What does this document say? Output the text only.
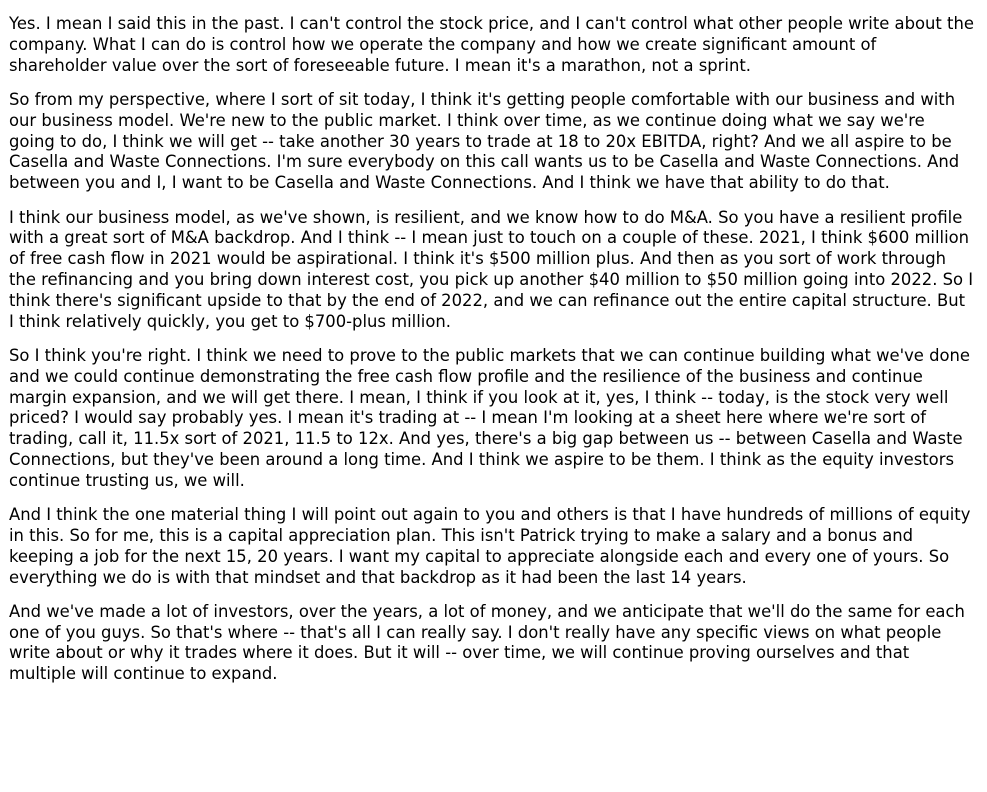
Yes. I mean I said this in the past. I can't control the stock price, and I can't control what other people write about the company. What I can do is control how we operate the company and how we create significant amount of shareholder value over the sort of foreseeable future. I mean it's a marathon, not a sprint.

So from my perspective, where I sort of sit today, I think it's getting people comfortable with our business and with our business model. We're new to the public market. I think over time, as we continue doing what we say we're going to do, I think we will get -- take another 30 years to trade at 18 to 20x EBITDA, right? And we all aspire to be Casella and Waste Connections. I'm sure everybody on this call wants us to be Casella and Waste Connections. And between you and I, I want to be Casella and Waste Connections. And I think we have that ability to do that.

I think our business model, as we've shown, is resilient, and we know how to do M&A. So you have a resilient profile with a great sort of M&A backdrop. And I think -- I mean just to touch on a couple of these. 2021, I think $600 million of free cash flow in 2021 would be aspirational. I think it's $500 million plus. And then as you sort of work through the refinancing and you bring down interest cost, you pick up another $40 million to $50 million going into 2022. So I think there's significant upside to that by the end of 2022, and we can refinance out the entire capital structure. But I think relatively quickly, you get to $700-plus million.

So I think you're right. I think we need to prove to the public markets that we can continue building what we've done and we could continue demonstrating the free cash flow profile and the resilience of the business and continue margin expansion, and we will get there. I mean, I think if you look at it, yes, I think -- today, is the stock very well priced? I would say probably yes. I mean it's trading at -- I mean I'm looking at a sheet here where we're sort of trading, call it, 11.5x sort of 2021, 11.5 to 12x. And yes, there's a big gap between us -- between Casella and Waste Connections, but they've been around a long time. And I think we aspire to be them. I think as the equity investors continue trusting us, we will.

And I think the one material thing I will point out again to you and others is that I have hundreds of millions of equity in this. So for me, this is a capital appreciation plan. This isn't Patrick trying to make a salary and a bonus and keeping a job for the next 15, 20 years. I want my capital to appreciate alongside each and every one of yours. So everything we do is with that mindset and that backdrop as it had been the last 14 years.

And we've made a lot of investors, over the years, a lot of money, and we anticipate that we'll do the same for each one of you guys. So that's where -- that's all I can really say. I don't really have any specific views on what people write about or why it trades where it does. But it will -- over time, we will continue proving ourselves and that multiple will continue to expand.
